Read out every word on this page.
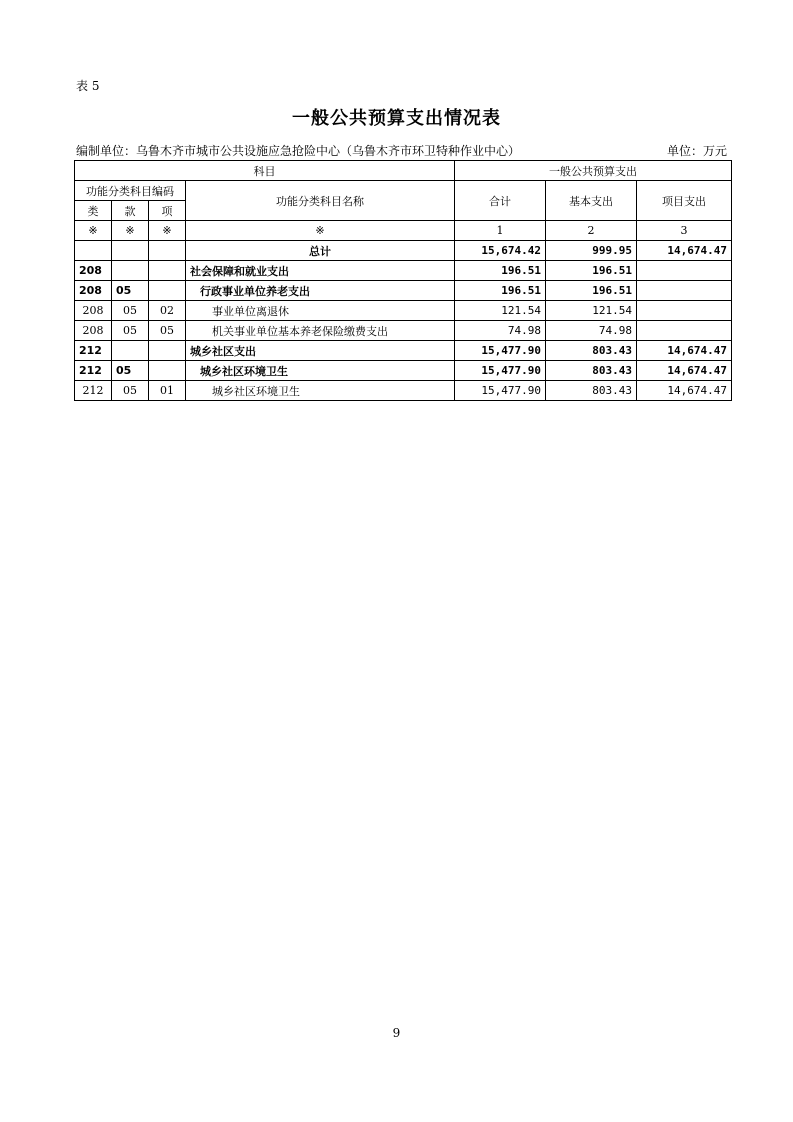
表 5
一般公共预算支出情况表
编制单位：乌鲁木齐市城市公共设施应急抢险中心（乌鲁木齐市环卫特种作业中心）	单位：万元
科目				一般公共预算支出		
功能分类科目编码			功能分类科目名称	合计	基本支出	项目支出
类	款	项				
※	※	※	※	1	2	3
			总计	15,674.42	999.95	14,674.47
208			社会保障和就业支出	196.51	196.51	
208	05		行政事业单位养老支出	196.51	196.51	
208	05	02	事业单位离退休	121.54	121.54	
208	05	05	机关事业单位基本养老保险缴费支出	74.98	74.98	
212			城乡社区支出	15,477.90	803.43	14,674.47
212	05		城乡社区环境卫生	15,477.90	803.43	14,674.47
212	05	01	城乡社区环境卫生	15,477.90	803.43	14,674.47
9
